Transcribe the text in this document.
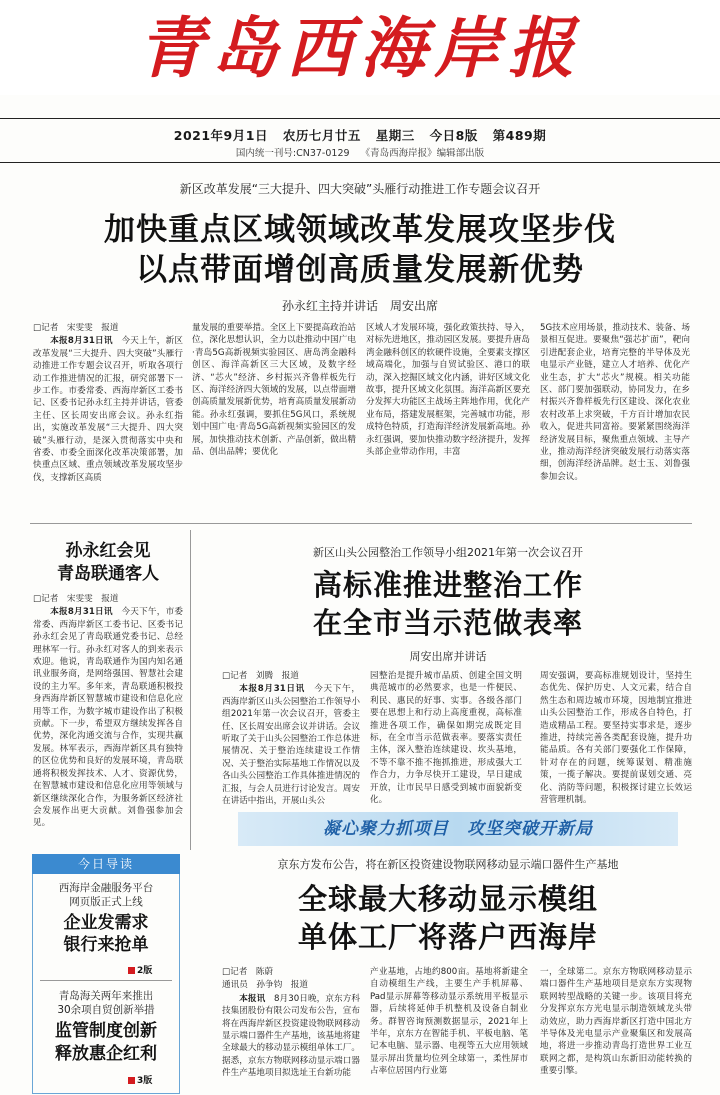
青岛西海岸报
2021年9月1日 农历七月廿五 星期三 今日8版 第489期
国内统一刊号:CN37-0129 《青岛西海岸报》编辑部出版
新区改革发展“三大提升、四大突破”头雁行动推进工作专题会议召开
加快重点区域领域改革发展攻坚步伐
以点带面增创高质量发展新优势
孙永红主持并讲话　周安出席
□记者　宋雯雯　报道

本报8月31日讯　 今天上午，新区改革发展“三大提升、四大突破”头雁行动推进工作专题会议召开，听取各项行动工作推进情况的汇报，研究部署下一步工作。市委常委、西海岸新区工委书记、区委书记孙永红主持并讲话，管委主任、区长周安出席会议。孙永红指出，实施改革发展“三大提升、四大突破”头雁行动，是深入贯彻落实中央和省委、市委全面深化改革决策部署，加快重点区域、重点领域改革发展攻坚步伐，支撑新区高质

量发展的重要举措。全区上下要提高政治站位，深化思想认识，全力以赴推动中国广电·青岛5G高新视频实验园区、唐岛湾金融科创区、海洋高新区三大区域，及数字经济、“芯火”经济、乡村振兴齐鲁样板先行区、海洋经济四大领域的发展，以点带面增创高质量发展新优势，培育高质量发展新动能。孙永红强调，要抓住5G风口，系统规划中国广电·青岛5G高新视频实验园区的发展，加快推动技术创新、产品创新，做出精品、创出品牌；要优化

区域人才发展环境，强化政策扶持、导入，对标先进地区，推动园区发展。要提升唐岛湾金融科创区的软硬件设施，全要素支撑区域高端化，加强与自贸试验区、港口的联动，深入挖掘区域文化内涵，讲好区域文化故事，提升区域文化氛围。海洋高新区要充分发挥大功能区主战场主阵地作用，优化产业布局，搭建发展框架，完善城市功能，形成特色特质，打造海洋经济发展新高地。孙永红强调，要加快推动数字经济提升，发挥头部企业带动作用，丰富

5G技术应用场景，推动技术、装备、场景相互促进。要聚焦“强芯扩面”，靶向引进配套企业，培育完整的半导体及光电显示产业链，建立人才培养、优化产业生态，扩大“芯火”规模。相关功能区、部门要加强联动，协同发力，在乡村振兴齐鲁样板先行区建设、深化农业农村改革上求突破，千方百计增加农民收入，促进共同富裕。要紧紧围绕海洋经济发展目标，聚焦重点领域、主导产业，推动海洋经济突破发展行动落实落细，创海洋经济品牌。赵士玉、刘鲁强参加会议。

孙永红会见
青岛联通客人
□记者　宋雯雯　报道

本报8月31日讯　 今天下午，市委常委、西海岸新区工委书记、区委书记孙永红会见了青岛联通党委书记、总经理林军一行。孙永红对客人的到来表示欢迎。他说，青岛联通作为国内知名通讯业服务商，是网络强国、智慧社会建设的主力军。多年来，青岛联通积极投身西海岸新区智慧城市建设和信息化应用等工作，为数字城市建设作出了积极贡献。下一步，希望双方继续发挥各自优势，深化沟通交流与合作，实现共赢发展。林军表示，西海岸新区具有独特的区位优势和良好的发展环境，青岛联通将积极发挥技术、人才、资源优势，在智慧城市建设和信息化应用等领域与新区继续深化合作，为服务新区经济社会发展作出更大贡献。刘鲁强参加会见。

新区山头公园整治工作领导小组2021年第一次会议召开
高标准推进整治工作
在全市当示范做表率
周安出席并讲话
□记者　刘腾　报道

本报8月31日讯　 今天下午，西海岸新区山头公园整治工作领导小组2021年第一次会议召开，管委主任、区长周安出席会议并讲话。会议听取了关于山头公园整治工作总体进展情况、关于整治连续建设工作情况、关于整治实际基地工作情况以及各山头公园整治工作具体推进情况的汇报，与会人员进行讨论发言。周安在讲话中指出，开展山头公

园整治是提升城市品质、创建全国文明典范城市的必然要求，也是一件便民、利民、惠民的好事、实事。各级各部门要在思想上和行动上高度重视，高标准推进各项工作，确保如期完成既定目标，在全市当示范做表率。要落实责任主体，深入整治连续建设、坎头基地，不等不靠不推不拖抓推进，形成强大工作合力，力争尽快开工建设，早日建成开放，让市民早日感受到城市面貌新变化。

周安强调，要高标准规划设计，坚持生态优先、保护历史、人文元素，结合自然生态和周边城市环境，因地制宜推进山头公园整治工作，形成各自特色，打造成精品工程。要坚持实事求是，逐步推进，持续完善各类配套设施，提升功能品质。各有关部门要强化工作保障，针对存在的问题，统筹谋划、精准施策，一揽子解决。要提前谋划交通、亮化、消防等问题，积极探讨建立长效运营管理机制。

凝心聚力抓项目　攻坚突破开新局
京东方发布公告，将在新区投资建设物联网移动显示端口器件生产基地
全球最大移动显示模组
单体工厂将落户西海岸
□记者　陈蔚
通讯员　孙争钧　报道

本报讯　 8月30日晚，京东方科技集团股份有限公司发布公告，宣布将在西海岸新区投资建设物联网移动显示端口器件生产基地，该基地将建全球最大的移动显示模组单体工厂。据悉，京东方物联网移动显示端口器件生产基地项目拟选址王台新功能

产业基地，占地约800亩。基地将新建全自动模组生产线，主要生产手机屏幕、Pad显示屏幕等移动显示系统用平板显示器，后续将延伸手机整机及设备自制业务。群智咨询预测数据显示，2021年上半年，京东方在智能手机、平板电脑、笔记本电脑、显示器、电视等五大应用领域显示屏出货量均位列全球第一，柔性屏市占率位居国内行业第

一，全球第二。京东方物联网移动显示端口器件生产基地项目是京东方实现物联网转型战略的关键一步。该项目将充分发挥京东方光电显示制造领域龙头带动效应，助力西海岸新区打造中国北方半导体及光电显示产业聚集区和发展高地，将进一步推动青岛打造世界工业互联网之都，是构筑山东新旧动能转换的重要引擎。

今日导读
西海岸金融服务平台
网页版正式上线
企业发需求
银行来抢单
2版
青岛海关两年来推出
30余项自贸创新举措
监管制度创新
释放惠企红利
3版
